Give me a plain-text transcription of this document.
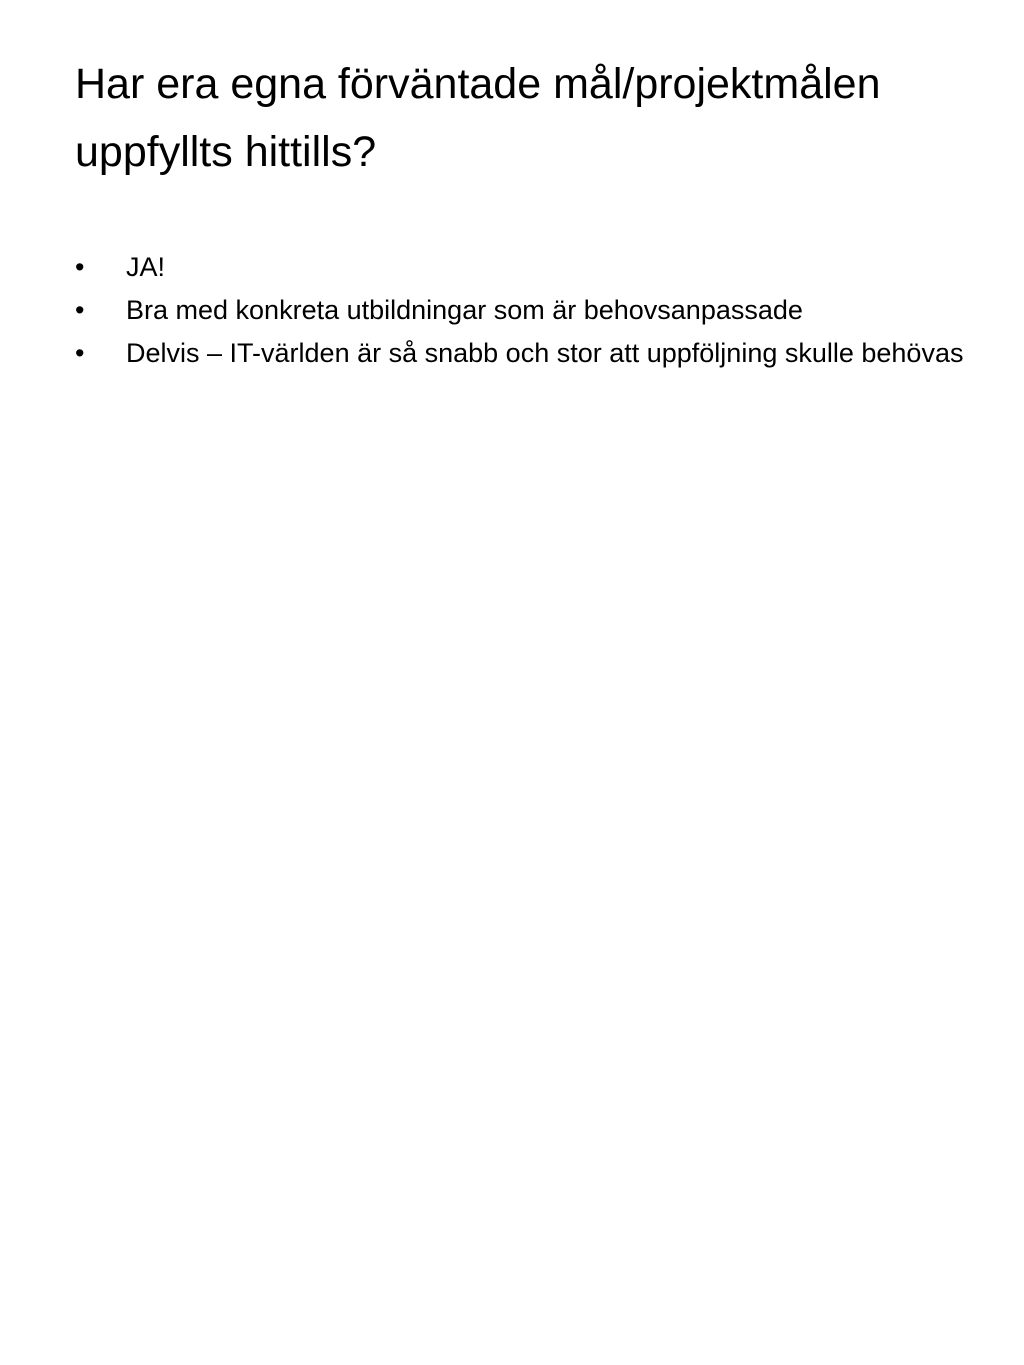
Har era egna förväntade mål/projektmålen uppfyllts hittills?
•	JA!
•	Bra med konkreta utbildningar som är behovsanpassade
•	Delvis – IT-världen är så snabb och stor att uppföljning skulle behövas
